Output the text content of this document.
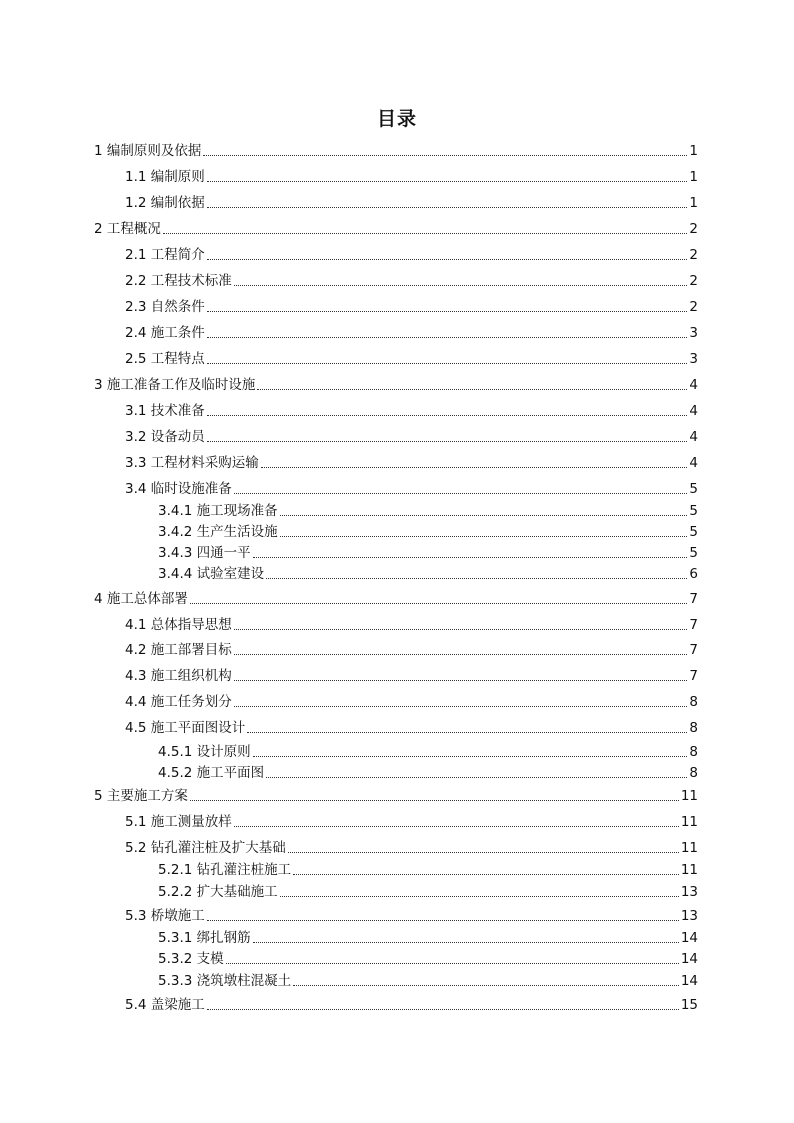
目录
1 编制原则及依据	1
1.1 编制原则	1
1.2 编制依据	1
2 工程概况	2
2.1 工程简介	2
2.2 工程技术标准	2
2.3 自然条件	2
2.4 施工条件	3
2.5 工程特点	3
3 施工准备工作及临时设施	4
3.1 技术准备	4
3.2 设备动员	4
3.3 工程材料采购运输	4
3.4 临时设施准备	5
3.4.1 施工现场准备	5
3.4.2 生产生活设施	5
3.4.3 四通一平	5
3.4.4 试验室建设	6
4 施工总体部署	7
4.1 总体指导思想	7
4.2 施工部署目标	7
4.3 施工组织机构	7
4.4 施工任务划分	8
4.5 施工平面图设计	8
4.5.1 设计原则	8
4.5.2 施工平面图	8
5 主要施工方案	11
5.1 施工测量放样	11
5.2 钻孔灌注桩及扩大基础	11
5.2.1 钻孔灌注桩施工	11
5.2.2 扩大基础施工	13
5.3 桥墩施工	13
5.3.1 绑扎钢筋	14
5.3.2 支模	14
5.3.3 浇筑墩柱混凝土	14
5.4 盖梁施工	15
